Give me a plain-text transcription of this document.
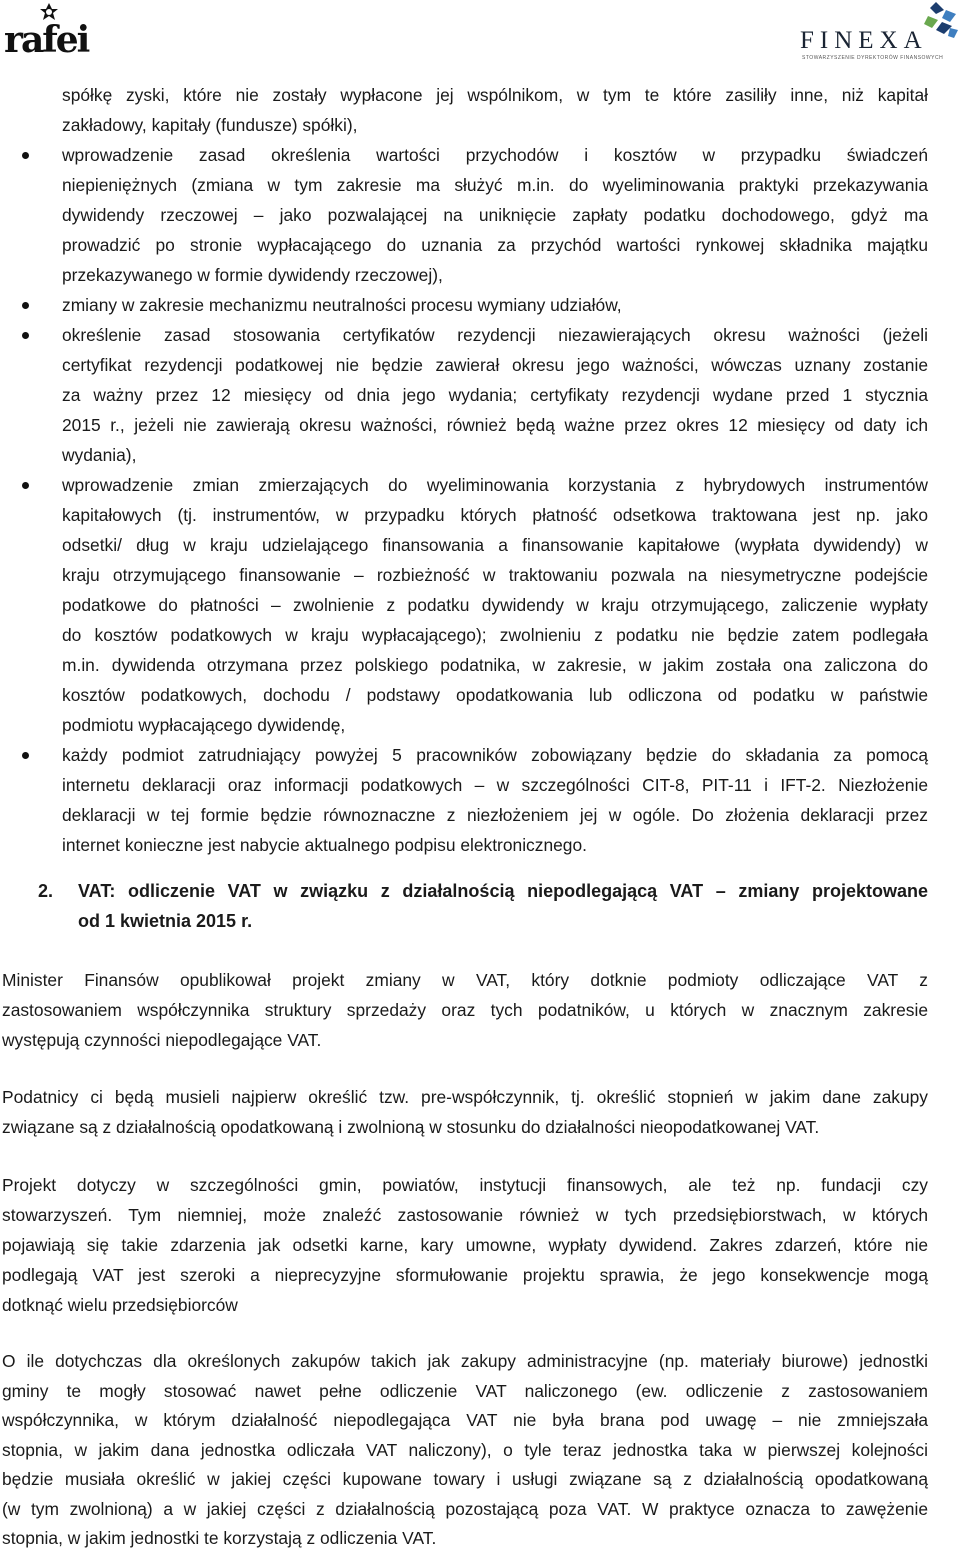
rafei	FINEXA
STOWARZYSZENIE DYREKTORÓW FINANSOWYCH
spółkę zyski, które nie zostały wypłacone jej wspólnikom, w tym te które zasiliły inne, niż kapitał
zakładowy, kapitały (fundusze) spółki),
wprowadzenie zasad określenia wartości przychodów i kosztów w przypadku świadczeń
niepieniężnych (zmiana w tym zakresie ma służyć m.in. do wyeliminowania praktyki przekazywania
dywidendy rzeczowej – jako pozwalającej na uniknięcie zapłaty podatku dochodowego, gdyż ma
prowadzić po stronie wypłacającego do uznania za przychód wartości rynkowej składnika majątku
przekazywanego w formie dywidendy rzeczowej),
zmiany w zakresie mechanizmu neutralności procesu wymiany udziałów,
określenie zasad stosowania certyfikatów rezydencji niezawierających okresu ważności (jeżeli
certyfikat rezydencji podatkowej nie będzie zawierał okresu jego ważności, wówczas uznany zostanie
za ważny przez 12 miesięcy od dnia jego wydania; certyfikaty rezydencji wydane przed 1 stycznia
2015 r., jeżeli nie zawierają okresu ważności, również będą ważne przez okres 12 miesięcy od daty ich
wydania),
wprowadzenie zmian zmierzających do wyeliminowania korzystania z hybrydowych instrumentów
kapitałowych (tj. instrumentów, w przypadku których płatność odsetkowa traktowana jest np. jako
odsetki/ dług w kraju udzielającego finansowania a finansowanie kapitałowe (wypłata dywidendy) w
kraju otrzymującego finansowanie – rozbieżność w traktowaniu pozwala na niesymetryczne podejście
podatkowe do płatności – zwolnienie z podatku dywidendy w kraju otrzymującego, zaliczenie wypłaty
do kosztów podatkowych w kraju wypłacającego); zwolnieniu z podatku nie będzie zatem podlegała
m.in. dywidenda otrzymana przez polskiego podatnika, w zakresie, w jakim została ona zaliczona do
kosztów podatkowych, dochodu / podstawy opodatkowania lub odliczona od podatku w państwie
podmiotu wypłacającego dywidendę,
każdy podmiot zatrudniający powyżej 5 pracowników zobowiązany będzie do składania za pomocą
internetu deklaracji oraz informacji podatkowych – w szczególności CIT-8, PIT-11 i IFT-2. Niezłożenie
deklaracji w tej formie będzie równoznaczne z niezłożeniem jej w ogóle. Do złożenia deklaracji przez
internet konieczne jest nabycie aktualnego podpisu elektronicznego.
2.	VAT: odliczenie VAT w związku z działalnością niepodlegającą VAT – zmiany projektowane
od 1 kwietnia 2015 r.
Minister Finansów opublikował projekt zmiany w VAT, który dotknie podmioty odliczające VAT z
zastosowaniem współczynnika struktury sprzedaży oraz tych podatników, u których w znacznym zakresie
występują czynności niepodlegające VAT.
Podatnicy ci będą musieli najpierw określić tzw. pre-współczynnik, tj. określić stopnień w jakim dane zakupy
związane są z działalnością opodatkowaną i zwolnioną w stosunku do działalności nieopodatkowanej VAT.
Projekt dotyczy w szczególności gmin, powiatów, instytucji finansowych, ale też np. fundacji czy
stowarzyszeń. Tym niemniej, może znaleźć zastosowanie również w tych przedsiębiorstwach, w których
pojawiają się takie zdarzenia jak odsetki karne, kary umowne, wypłaty dywidend. Zakres zdarzeń, które nie
podlegają VAT jest szeroki a nieprecyzyjne sformułowanie projektu sprawia, że jego konsekwencje mogą
dotknąć wielu przedsiębiorców
O ile dotychczas dla określonych zakupów takich jak zakupy administracyjne (np. materiały biurowe) jednostki
gminy te mogły stosować nawet pełne odliczenie VAT naliczonego (ew. odliczenie z zastosowaniem
współczynnika, w którym działalność niepodlegająca VAT nie była brana pod uwagę – nie zmniejszała
stopnia, w jakim dana jednostka odliczała VAT naliczony), o tyle teraz jednostka taka w pierwszej kolejności
będzie musiała określić w jakiej części kupowane towary i usługi związane są z działalnością opodatkowaną
(w tym zwolnioną) a w jakiej części z działalnością pozostającą poza VAT. W praktyce oznacza to zawężenie
stopnia, w jakim jednostki te korzystają z odliczenia VAT.
